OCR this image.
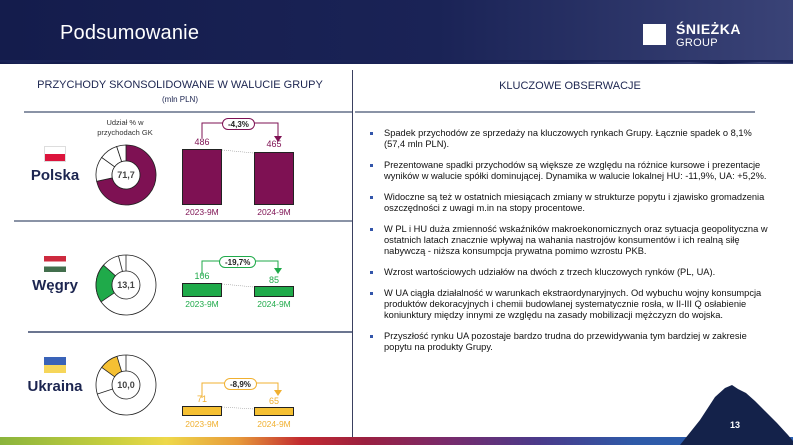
Podsumowanie	ŚNIEŻKA
GROUP
PRZYCHODY SKONSOLIDOWANE W WALUCIE GRUPY
(mln PLN)
KLUCZOWE OBSERWACJE
Udział % w
przychodach GK
Polska	71,7
-4,3%
486	465
2023-9M	2024-9M
Węgry	13,1
-19,7%
106	85
2023-9M	2024-9M
Ukraina	10,0	-8,9%
71	65
2023-9M	2024-9M
Spadek przychodów ze sprzedaży na kluczowych rynkach Grupy. Łącznie spadek o 8,1% (57,4 mln PLN).
Prezentowane spadki przychodów są większe ze względu na różnice kursowe i prezentacje wyników w walucie spółki dominującej. Dynamika w walucie lokalnej HU: -11,9%, UA: +5,2%.
Widoczne są też w ostatnich miesiącach zmiany w strukturze popytu i zjawisko gromadzenia oszczędności z uwagi m.in na stopy procentowe.
W PL i HU duża zmienność wskaźników makroekonomicznych oraz sytuacja geopolityczna w ostatnich latach znacznie wpływaj na wahania nastrojów konsumentów i ich realną siłę nabywczą - niższa konsumpcja prywatna pomimo wzrostu PKB.
Wzrost wartościowych udziałów na dwóch z trzech kluczowych rynków (PL, UA).
W UA ciągła działalność w warunkach ekstraordynaryjnych. Od wybuchu wojny konsumpcja produktów dekoracyjnych i chemii budowlanej systematycznie rosła, w II-III Q osłabienie koniunktury między innymi ze względu na zasady mobilizacji mężczyzn do wojska.
Przyszłość rynku UA pozostaje bardzo trudna do przewidywania tym bardziej w zakresie popytu na produkty Grupy.
13
